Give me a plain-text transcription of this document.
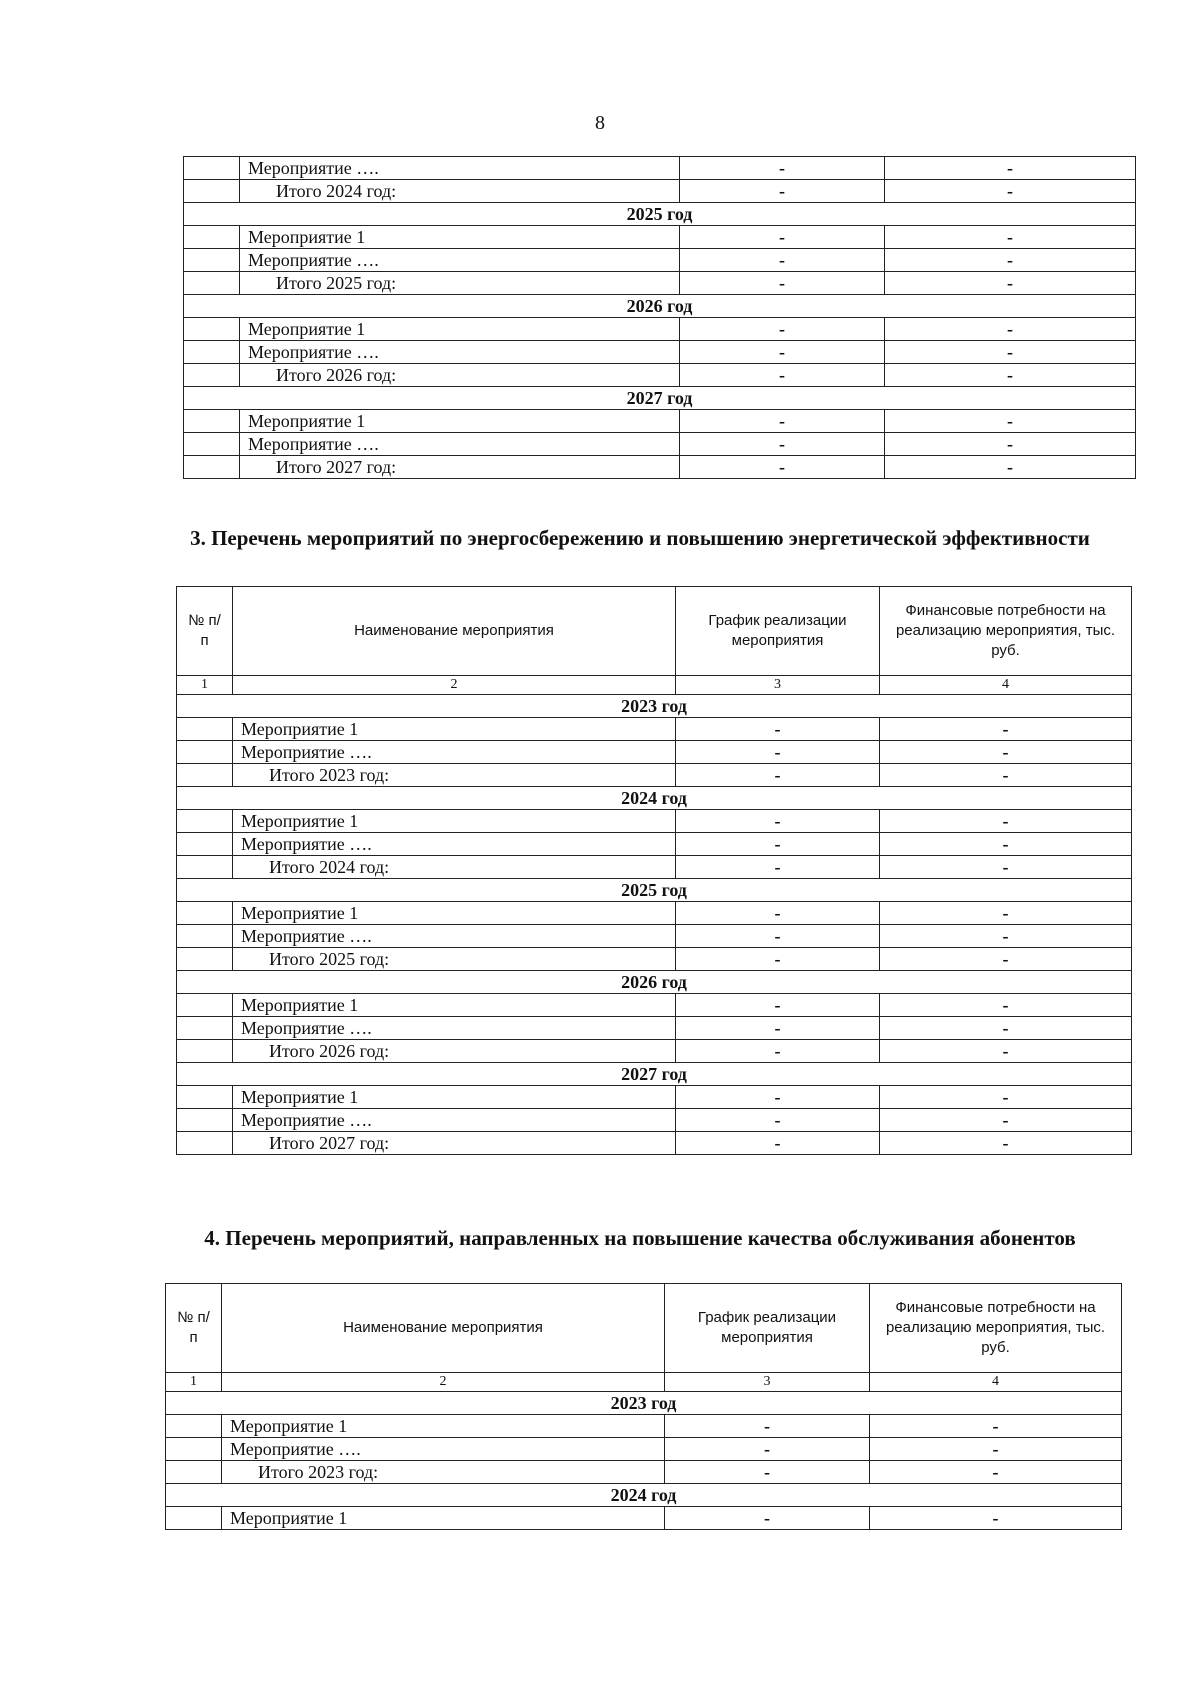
8
	Мероприятие ….	-	-
	Итого 2024 год:	-	-
2025 год			
	Мероприятие 1	-	-
	Мероприятие ….	-	-
	Итого 2025 год:	-	-
2026 год			
	Мероприятие 1	-	-
	Мероприятие ….	-	-
	Итого 2026 год:	-	-
2027 год			
	Мероприятие 1	-	-
	Мероприятие ….	-	-
	Итого 2027 год:	-	-
3. Перечень мероприятий по энергосбережению и повышению энергетической эффективности
№ п/п	Наименование мероприятия	График реализации мероприятия	Финансовые потребности на реализацию мероприятия, тыс. руб.
1	2	3	4
2023 год			
	Мероприятие 1	-	-
	Мероприятие ….	-	-
	Итого 2023 год:	-	-
2024 год			
	Мероприятие 1	-	-
	Мероприятие ….	-	-
	Итого 2024 год:	-	-
2025 год			
	Мероприятие 1	-	-
	Мероприятие ….	-	-
	Итого 2025 год:	-	-
2026 год			
	Мероприятие 1	-	-
	Мероприятие ….	-	-
	Итого 2026 год:	-	-
2027 год			
	Мероприятие 1	-	-
	Мероприятие ….	-	-
	Итого 2027 год:	-	-
4. Перечень мероприятий, направленных на повышение качества обслуживания абонентов
№ п/п	Наименование мероприятия	График реализации мероприятия	Финансовые потребности на реализацию мероприятия, тыс. руб.
1	2	3	4
2023 год			
	Мероприятие 1	-	-
	Мероприятие ….	-	-
	Итого 2023 год:	-	-
2024 год			
	Мероприятие 1	-	-
